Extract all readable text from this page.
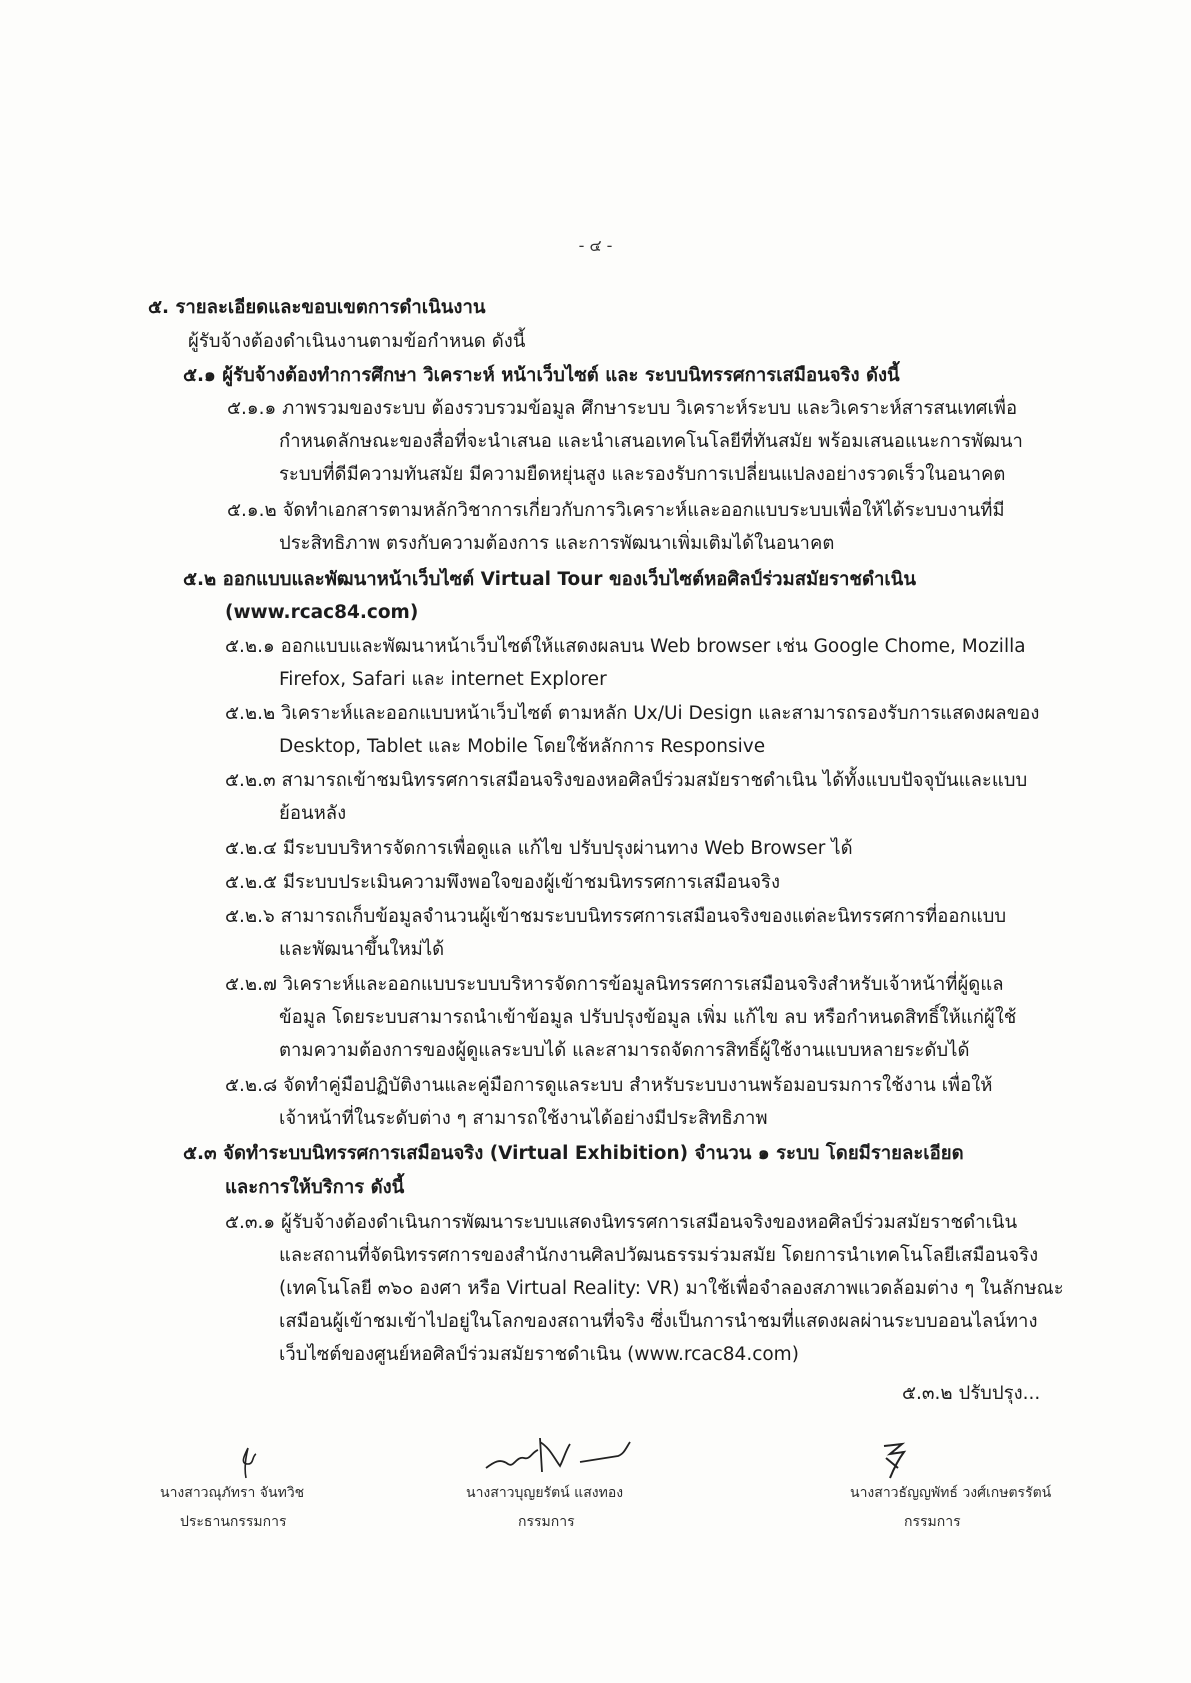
- ๔ -
๕. รายละเอียดและขอบเขตการดำเนินงาน
ผู้รับจ้างต้องดำเนินงานตามข้อกำหนด ดังนี้
๕.๑ ผู้รับจ้างต้องทำการศึกษา วิเคราะห์ หน้าเว็บไซต์ และ ระบบนิทรรศการเสมือนจริง ดังนี้
๕.๑.๑ ภาพรวมของระบบ ต้องรวบรวมข้อมูล ศึกษาระบบ วิเคราะห์ระบบ และวิเคราะห์สารสนเทศเพื่อ
กำหนดลักษณะของสื่อที่จะนำเสนอ และนำเสนอเทคโนโลยีที่ทันสมัย พร้อมเสนอแนะการพัฒนา
ระบบที่ดีมีความทันสมัย มีความยืดหยุ่นสูง และรองรับการเปลี่ยนแปลงอย่างรวดเร็วในอนาคต
๕.๑.๒ จัดทำเอกสารตามหลักวิชาการเกี่ยวกับการวิเคราะห์และออกแบบระบบเพื่อให้ได้ระบบงานที่มี
ประสิทธิภาพ ตรงกับความต้องการ และการพัฒนาเพิ่มเติมได้ในอนาคต
๕.๒ ออกแบบและพัฒนาหน้าเว็บไซต์ Virtual Tour ของเว็บไซต์หอศิลป์ร่วมสมัยราชดำเนิน
(www.rcac84.com)
๕.๒.๑ ออกแบบและพัฒนาหน้าเว็บไซต์ให้แสดงผลบน Web browser เช่น Google Chome, Mozilla
Firefox, Safari และ internet Explorer
๕.๒.๒ วิเคราะห์และออกแบบหน้าเว็บไซต์ ตามหลัก Ux/Ui Design และสามารถรองรับการแสดงผลของ
Desktop, Tablet และ Mobile โดยใช้หลักการ Responsive
๕.๒.๓ สามารถเข้าชมนิทรรศการเสมือนจริงของหอศิลป์ร่วมสมัยราชดำเนิน ได้ทั้งแบบปัจจุบันและแบบ
ย้อนหลัง
๕.๒.๔ มีระบบบริหารจัดการเพื่อดูแล แก้ไข ปรับปรุงผ่านทาง Web Browser ได้
๕.๒.๕ มีระบบประเมินความพึงพอใจของผู้เข้าชมนิทรรศการเสมือนจริง
๕.๒.๖ สามารถเก็บข้อมูลจำนวนผู้เข้าชมระบบนิทรรศการเสมือนจริงของแต่ละนิทรรศการที่ออกแบบ
และพัฒนาขึ้นใหม่ได้
๕.๒.๗ วิเคราะห์และออกแบบระบบบริหารจัดการข้อมูลนิทรรศการเสมือนจริงสำหรับเจ้าหน้าที่ผู้ดูแล
ข้อมูล โดยระบบสามารถนำเข้าข้อมูล ปรับปรุงข้อมูล เพิ่ม แก้ไข ลบ หรือกำหนดสิทธิ์ให้แก่ผู้ใช้
ตามความต้องการของผู้ดูแลระบบได้ และสามารถจัดการสิทธิ์ผู้ใช้งานแบบหลายระดับได้
๕.๒.๘ จัดทำคู่มือปฏิบัติงานและคู่มือการดูแลระบบ สำหรับระบบงานพร้อมอบรมการใช้งาน เพื่อให้
เจ้าหน้าที่ในระดับต่าง ๆ สามารถใช้งานได้อย่างมีประสิทธิภาพ
๕.๓ จัดทำระบบนิทรรศการเสมือนจริง (Virtual Exhibition) จำนวน ๑ ระบบ โดยมีรายละเอียด
และการให้บริการ ดังนี้
๕.๓.๑ ผู้รับจ้างต้องดำเนินการพัฒนาระบบแสดงนิทรรศการเสมือนจริงของหอศิลป์ร่วมสมัยราชดำเนิน
และสถานที่จัดนิทรรศการของสำนักงานศิลปวัฒนธรรมร่วมสมัย โดยการนำเทคโนโลยีเสมือนจริง
(เทคโนโลยี ๓๖๐ องศา หรือ Virtual Reality: VR) มาใช้เพื่อจำลองสภาพแวดล้อมต่าง ๆ ในลักษณะ
เสมือนผู้เข้าชมเข้าไปอยู่ในโลกของสถานที่จริง ซึ่งเป็นการนำชมที่แสดงผลผ่านระบบออนไลน์ทาง
เว็บไซต์ของศูนย์หอศิลป์ร่วมสมัยราชดำเนิน (www.rcac84.com)
๕.๓.๒ ปรับปรุง...
นางสาวณุภัทรา จันทวิช
ประธานกรรมการ
นางสาวบุญยรัตน์ แสงทอง
กรรมการ
นางสาวธัญญพัทธ์ วงศ์เกษตรรัตน์
กรรมการ
